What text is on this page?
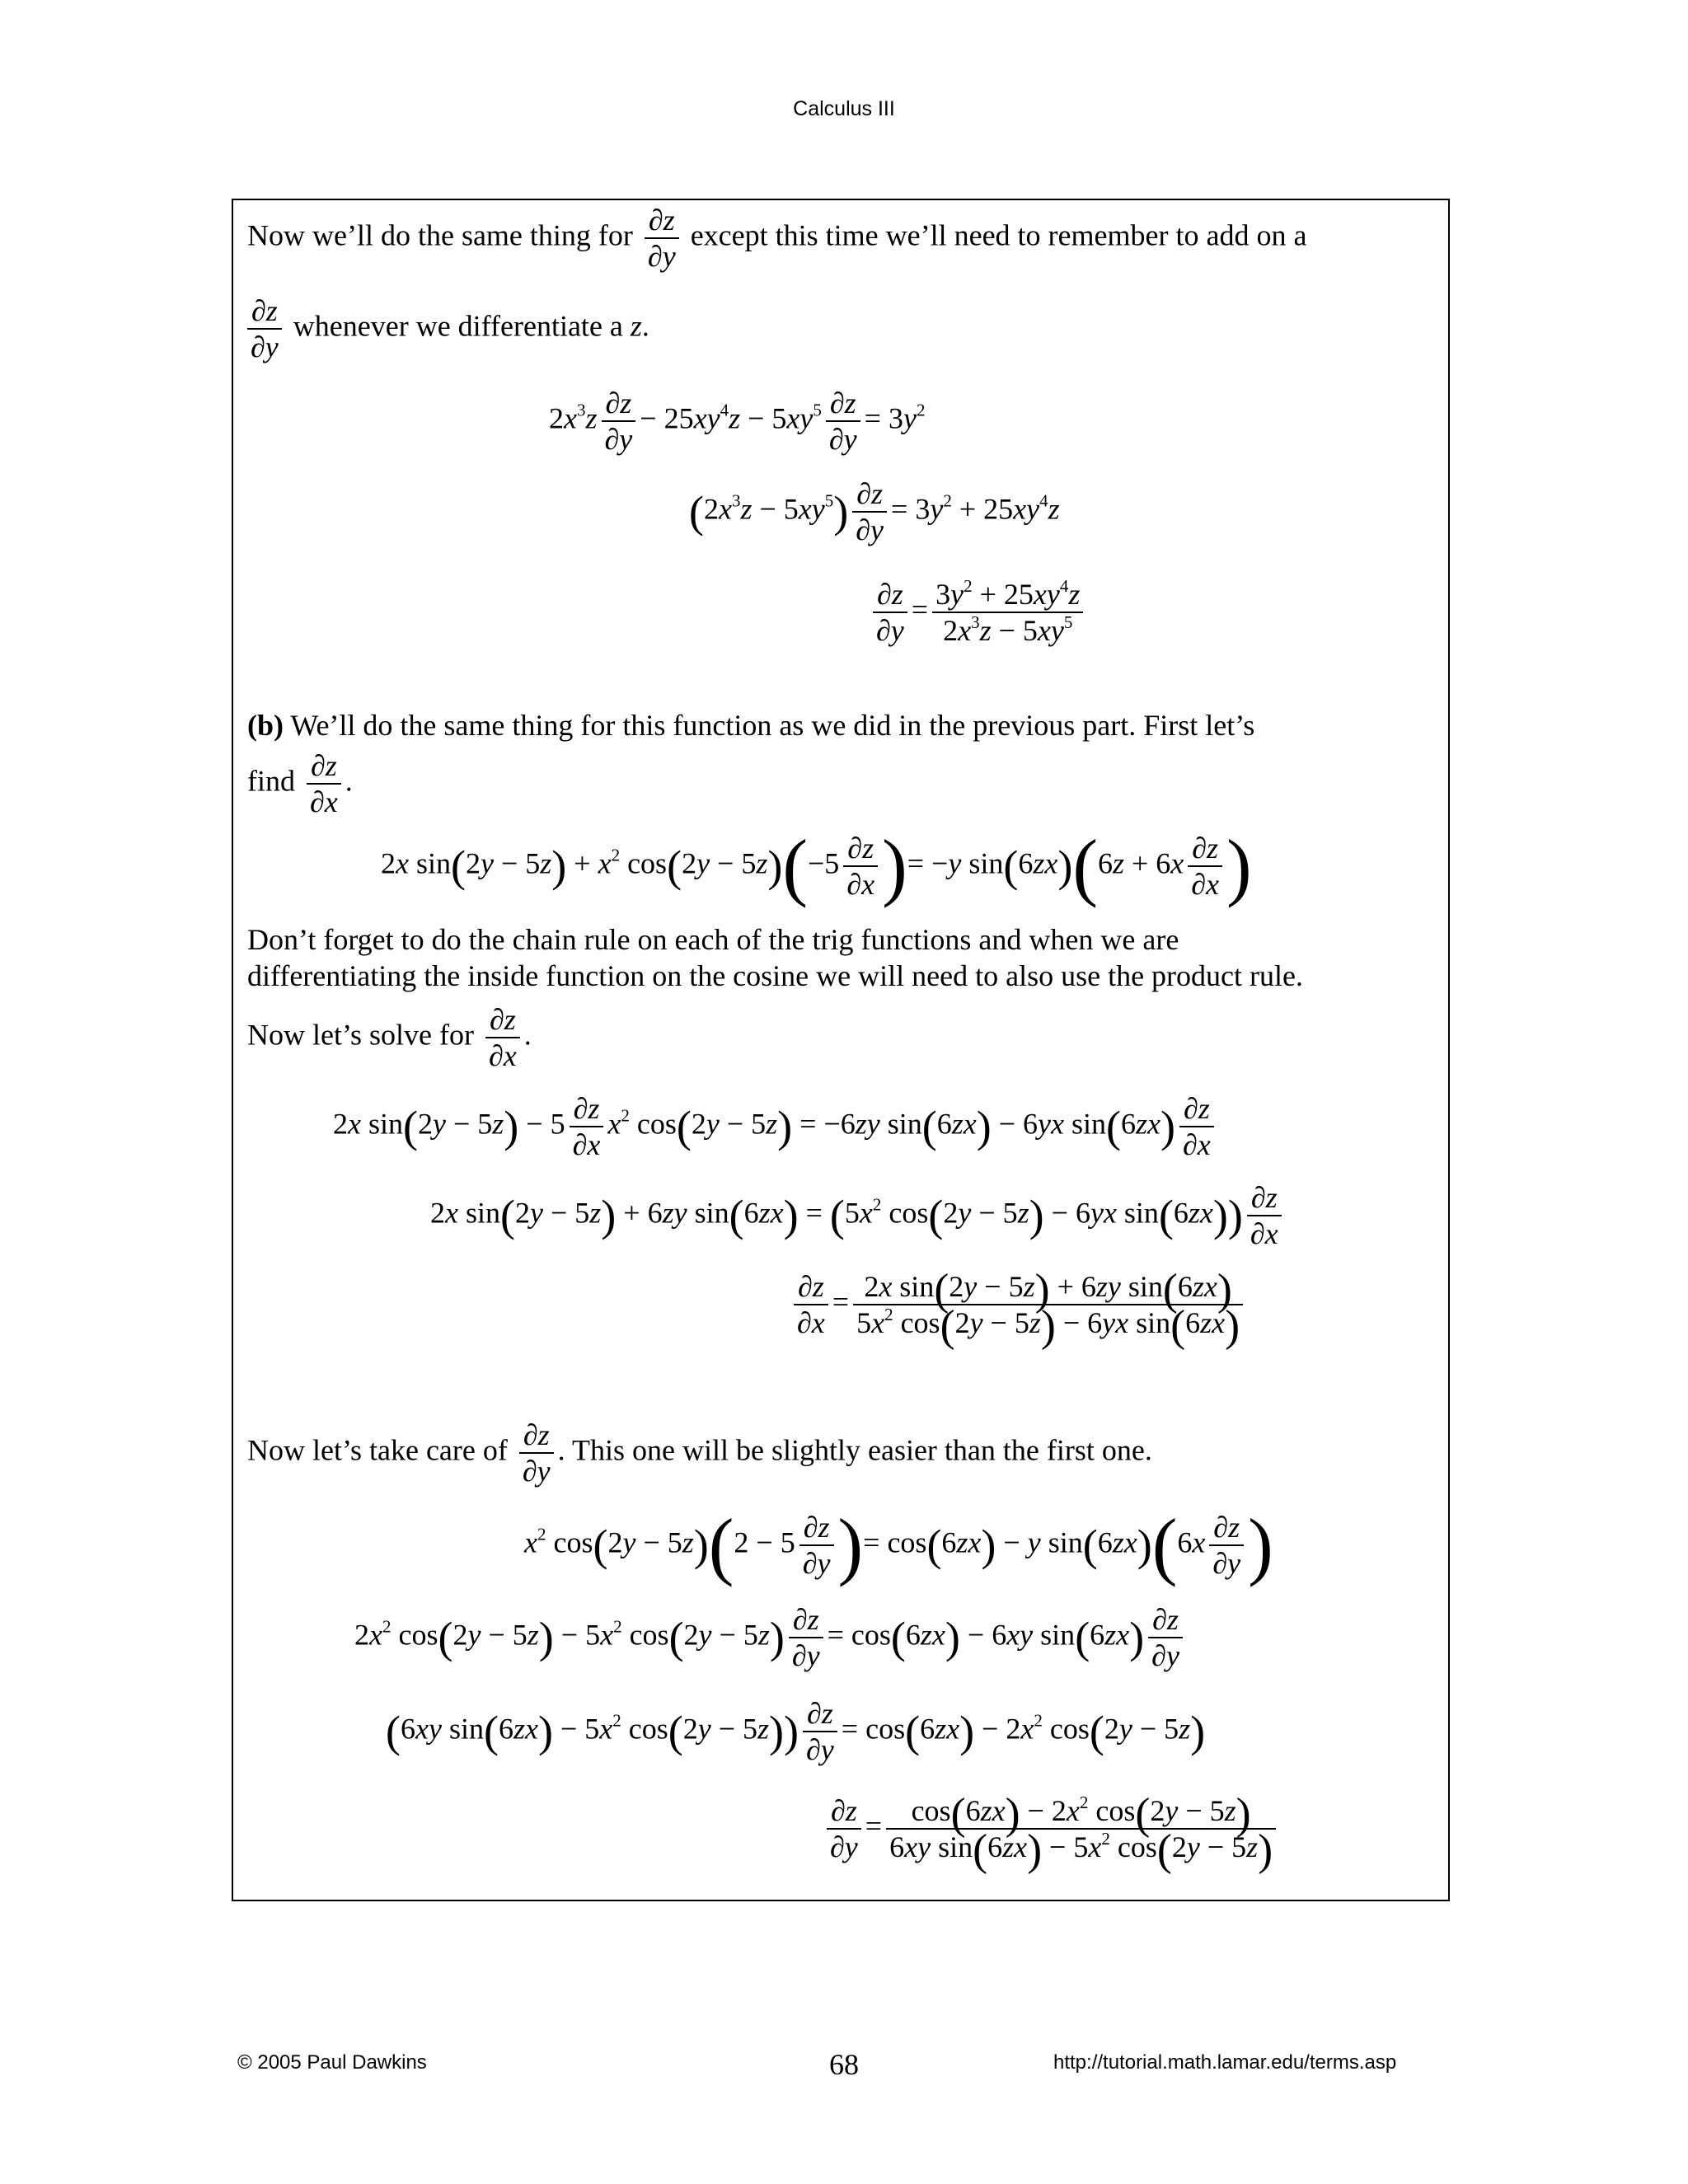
Calculus III
Now we’ll do the same thing for $\frac{\partial z}{\partial y}$ except this time we’ll need to remember to add on a
$\frac{\partial z}{\partial y}$ whenever we differentiate a z.
$2x^3z \frac{\partial z}{\partial y} - 25xy^4z - 5xy^5 \frac{\partial z}{\partial y} = 3y^2$
$(2x^3z - 5xy^5) \frac{\partial z}{\partial y} = 3y^2 + 25xy^4z$
$\frac{\partial z}{\partial y} = \frac{3y^2 + 25xy^4z}{2x^3z - 5xy^5}$
(b) We’ll do the same thing for this function as we did in the previous part. First let’s
find $\frac{\partial z}{\partial x}$ .
2x $\sin(2y - 5z) + x^2$ $\cos(2y - 5z)(-5 \frac{\partial z}{\partial x}$ )= −y $\sin(6zx)(6z + 6x \frac{\partial z}{\partial x}$ )
Don’t forget to do the chain rule on each of the trig functions and when we are
differentiating the inside function on the cosine we will need to also use the product rule.
Now let’s solve for $\frac{\partial z}{\partial x}$ .
2x $\sin(2y - 5z) - 5 \frac{\partial z}{\partial x} x^2$ cos(2y − 5z) = −6zy sin(6zx) − 6yx $\sin(6zx) \frac{\partial z}{\partial x}$
2x sin(2y − 5z) + 6zy $\sin(6zx) = (5x^2$ cos(2y − 5z) − 6yx $\sin(6zx)) \frac{\partial z}{\partial x}$
$\frac{\partial z}{\partial x} = \frac{\text{2x sin(2y − 5z) + 6zy sin(6zx)}}{5x^2 \cos(2y - 5z) - 6yx \sin(6zx)}$
Now let’s take care of $\frac{\partial z}{\partial y}$ . This one will be slightly easier than the first one.
$x^2$ $\cos(2y - 5z)(2 - 5 \frac{\partial z}{\partial y}$ )= cos(6zx) − y $\sin(6zx)(6x \frac{\partial z}{\partial y}$ )
$2x^2$ $\cos(2y - 5z) - 5x^2$ $\cos(2y - 5z) \frac{\partial z}{\partial y} = \cos(6zx) - 6xy$ $\sin(6zx) \frac{\partial z}{\partial y}$
(6xy $\sin(6zx) - 5x^2$ $\cos(2y - 5z)) \frac{\partial z}{\partial y} = \cos(6zx) - 2x^2$ cos(2y − 5z)
$\frac{\partial z}{\partial y} = \frac{\cos(6zx) - 2x^2 \cos(2y - 5z)}{6xy \sin(6zx) - 5x^2 \cos(2y - 5z)}$
© 2005 Paul Dawkins	68	http://tutorial.math.lamar.edu/terms.asp
